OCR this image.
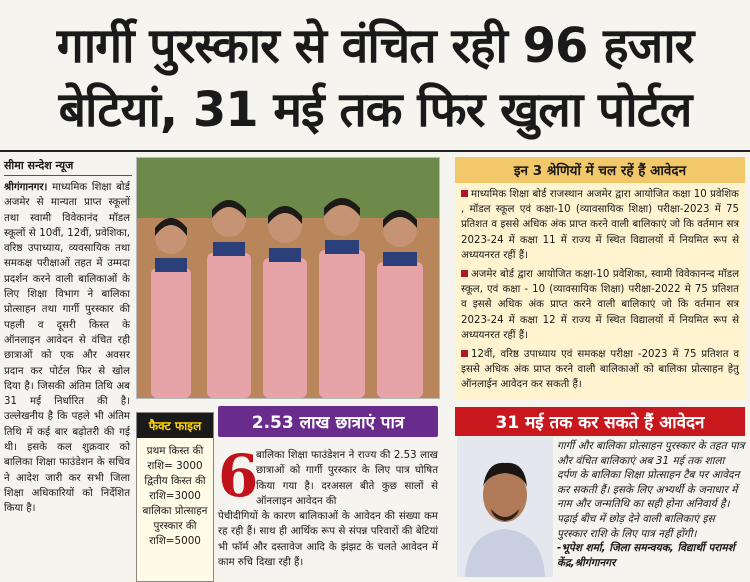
गार्गी पुरस्कार से वंचित रही 96 हजार
बेटियां, 31 मई तक फिर खुला पोर्टल
सीमा सन्देश न्यूज
श्रीगंगानगर। माध्यमिक शिक्षा बोर्ड अजमेर से मान्यता प्राप्त स्कूलों तथा स्वामी विवेकानंद मॉडल स्कूलों से 10वीं, 12वीं, प्रवेशिका, वरिष्ठ उपाध्याय, व्यवसायिक तथा समकक्ष परीक्षाओं तहत में उम्मदा प्रदर्शन करने वाली बालिकाओं के लिए शिक्षा विभाग ने बालिका प्रोत्साहन तथा गार्गी पुरस्कार की पहली व दूसरी किस्त के ऑनलाइन आवेदन से वंचित रही छात्राओं को एक और अवसर प्रदान कर पोर्टल फिर से खोल दिया है। जिसकी अंतिम तिथि अब 31 मई निर्धारित की है। उल्लेखनीय है कि पहले भी अंतिम तिथि में कई बार बढ़ोतरी की गई थी। इसके कल शुक्रवार को बालिका शिक्षा फाउंडेशन के सचिव ने आदेश जारी कर सभी जिला शिक्षा अधिकारियों को निर्देशित किया है।
फैक्ट फाइल
प्रथम किस्त की राशि= 3000
द्वितीय किस्त की राशि=3000
बालिका प्रोत्साहन पुरस्कार की राशि=5000
2.53 लाख छात्राएं पात्र
6
बालिका शिक्षा फाउंडेशन ने राज्य की 2.53 लाख छात्राओं को गार्गी पुरस्कार के लिए पात्र घोषित किया गया है। दरअसल बीते कुछ सालों से ऑनलाइन आवेदन की
पेचीदीगियों के कारण बालिकाओं के आवेदन की संख्या कम रह रही हैं। साथ ही आर्थिक रूप से संपन्न परिवारों की बेटियां भी फॉर्म और दस्तावेज आदि के झंझट के चलते आवेदन में काम रुचि दिखा रही हैं।
इन 3 श्रेणियों में चल रहें हैं आवेदन
माध्यमिक शिक्षा बोर्ड राजस्थान अजमेर द्वारा आयोजित कक्षा 10 प्रवेशिक , मॉडल स्कूल एवं कक्षा-10 (व्यावसायिक शिक्षा) परीक्षा-2023 में 75 प्रतिशत व इससे अधिक अंक प्राप्त करने वाली बालिकाएं जो कि वर्तमान सत्र 2023-24 में कक्षा 11 में राज्य में स्थित विद्यालयों में नियमित रूप से अध्ययनरत रहीं हैं।
अजमेर बोर्ड द्वारा आयोजित कक्षा-10 प्रवेशिका, स्वामी विवेकानन्द मॉडल स्कूल, एवं कक्षा - 10 (व्यावसायिक शिक्षा) परीक्षा-2022 मे 75 प्रतिशत व इससे अधिक अंक प्राप्त करने वाली बालिकाएं जो कि वर्तमान सत्र 2023-24 में कक्षा 12 में राज्य में स्थित विद्यालयों में नियमित रूप से अध्ययनरत रहीं हैं।
12वीं, वरिष्ठ उपाध्याय एवं समकक्ष परीक्षा -2023 में 75 प्रतिशत व इससे अधिक अंक प्राप्त करने वाली बालिकाओं को बालिका प्रोत्साहन हेतु ऑनलाईन आवेदन कर सकती हैं।
31 मई तक कर सकते हैं आवेदन
गार्गी और बालिका प्रोत्साहन पुरस्कार के तहत पात्र और वंचित बालिकाएं अब 31 मई तक शाला दर्पण के बालिका शिक्षा प्रोत्साहन टैब पर आवेदन कर सकती हैं। इसके लिए अभ्यर्थी के जनाधार में नाम और जन्मतिथि का सही होना अनिवार्य है। पढ़ाई बीच में छोड़ देने वाली बालिकाएं इस पुरस्कार राशि के लिए पात्र नहीं होंगी।
-भूपेश शर्मा, जिला समन्वयक, विद्यार्थी परामर्श केंद्र,श्रीगंगानगर
